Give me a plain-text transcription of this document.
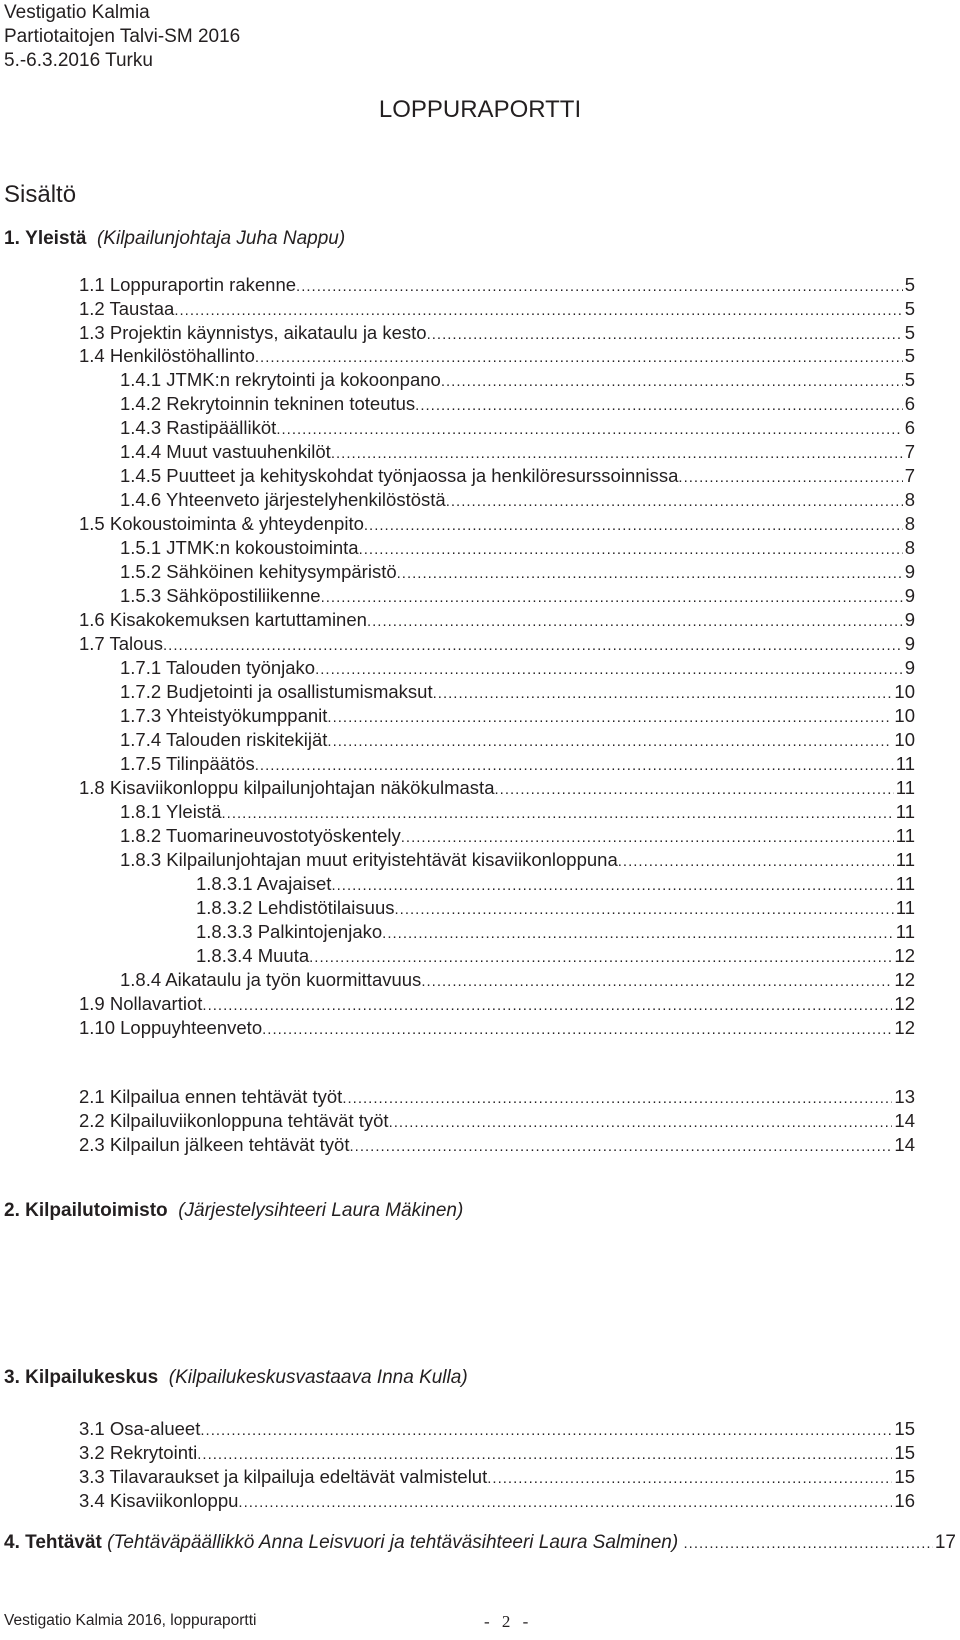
Vestigatio Kalmia
Partiotaitojen Talvi-SM 2016
5.-6.3.2016 Turku
LOPPURAPORTTI
Sisältö
1. Yleistä (Kilpailunjohtaja Juha Nappu)
2. Kilpailutoimisto (Järjestelysihteeri Laura Mäkinen)
3. Kilpailukeskus (Kilpailukeskusvastaava Inna Kulla)
4. Tehtävät (Tehtäväpäällikkö Anna Leisvuori ja tehtäväsihteeri Laura Salminen) .....	17
1.1 Loppuraportin rakenne .....	5
1.2 Taustaa .....	5
1.3 Projektin käynnistys, aikataulu ja kesto .....	5
1.4 Henkilöstöhallinto .....	5
1.4.1 JTMK:n rekrytointi ja kokoonpano .....	5
1.4.2 Rekrytoinnin tekninen toteutus .....	6
1.4.3 Rastipäälliköt .....	6
1.4.4 Muut vastuuhenkilöt .....	7
1.4.5 Puutteet ja kehityskohdat työnjaossa ja henkilöresurssoinnissa .....	7
1.4.6 Yhteenveto järjestelyhenkilöstöstä .....	8
1.5 Kokoustoiminta & yhteydenpito .....	8
1.5.1 JTMK:n kokoustoiminta .....	8
1.5.2 Sähköinen kehitysympäristö .....	9
1.5.3 Sähköpostiliikenne .....	9
1.6 Kisakokemuksen kartuttaminen .....	9
1.7 Talous .....	9
1.7.1 Talouden työnjako .....	9
1.7.2 Budjetointi ja osallistumismaksut .....	10
1.7.3 Yhteistyökumppanit .....	10
1.7.4 Talouden riskitekijät .....	10
1.7.5 Tilinpäätös .....	11
1.8 Kisaviikonloppu kilpailunjohtajan näkökulmasta .....	11
1.8.1 Yleistä .....	11
1.8.2 Tuomarineuvostotyöskentely .....	11
1.8.3 Kilpailunjohtajan muut erityistehtävät kisaviikonloppuna .....	11
1.8.3.1 Avajaiset .....	11
1.8.3.2 Lehdistötilaisuus .....	11
1.8.3.3 Palkintojenjako .....	11
1.8.3.4 Muuta .....	12
1.8.4 Aikataulu ja työn kuormittavuus .....	12
1.9 Nollavartiot .....	12
1.10 Loppuyhteenveto .....	12
2.1 Kilpailua ennen tehtävät työt .....	13
2.2 Kilpailuviikonloppuna tehtävät työt .....	14
2.3 Kilpailun jälkeen tehtävät työt .....	14
3.1 Osa-alueet .....	15
3.2 Rekrytointi .....	15
3.3 Tilavaraukset ja kilpailuja edeltävät valmistelut .....	15
3.4 Kisaviikonloppu .....	16
Vestigatio Kalmia 2016, loppuraportti	- 2 -
